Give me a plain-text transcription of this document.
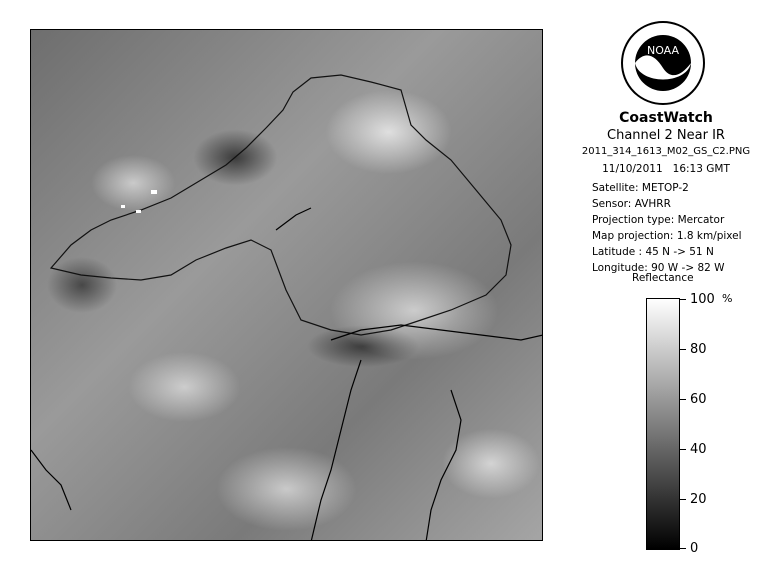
NOAA
CoastWatch
Channel 2 Near IR
2011_314_1613_M02_GS_C2.PNG
11/10/2011 16:13 GMT
Satellite: METOP-2
Sensor: AVHRR
Projection type: Mercator
Map projection: 1.8 km/pixel
Latitude : 45 N -> 51 N
Longitude: 90 W -> 82 W
Reflectance
%
100
80
60
40
20
0
